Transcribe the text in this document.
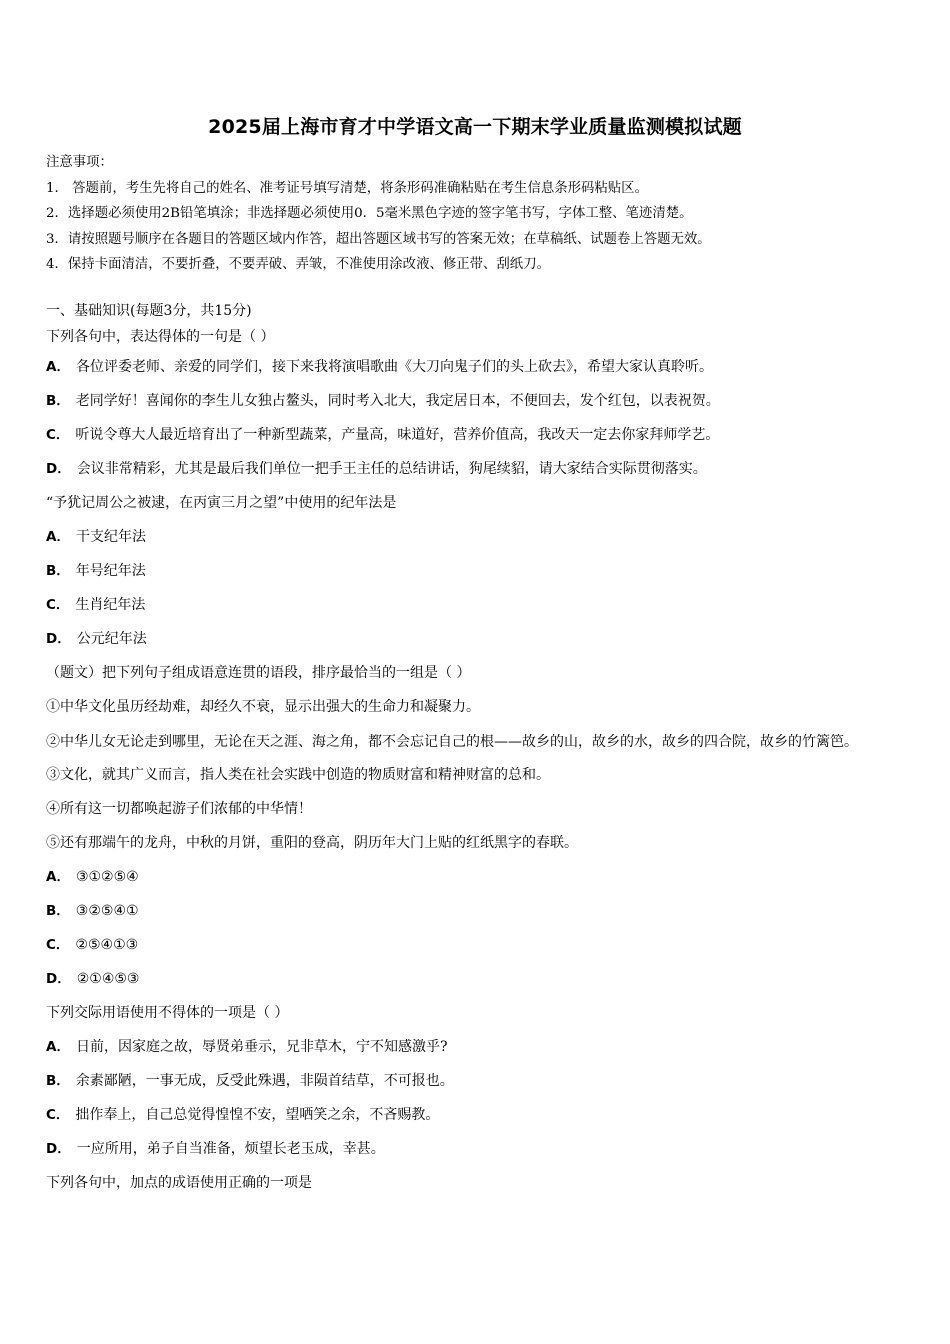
2025届上海市育才中学语文高一下期末学业质量监测模拟试题
注意事项：
1． 答题前，考生先将自己的姓名、准考证号填写清楚，将条形码准确粘贴在考生信息条形码粘贴区。
2．选择题必须使用2B铅笔填涂；非选择题必须使用0．5毫米黑色字迹的签字笔书写，字体工整、笔迹清楚。
3．请按照题号顺序在各题目的答题区域内作答，超出答题区域书写的答案无效；在草稿纸、试题卷上答题无效。
4．保持卡面清洁，不要折叠，不要弄破、弄皱，不准使用涂改液、修正带、刮纸刀。
一、基础知识(每题3分，共15分)
下列各句中，表达得体的一句是（ ）
A． 各位评委老师、亲爱的同学们，接下来我将演唱歌曲《大刀向鬼子们的头上砍去》，希望大家认真聆听。
B． 老同学好！喜闻你的李生儿女独占鳌头，同时考入北大，我定居日本，不便回去，发个红包，以表祝贺。
C． 听说令尊大人最近培育出了一种新型蔬菜，产量高，味道好，营养价值高，我改天一定去你家拜师学艺。
D． 会议非常精彩，尤其是最后我们单位一把手王主任的总结讲话，狗尾续貂，请大家结合实际贯彻落实。
“予犹记周公之被逮，在丙寅三月之望”中使用的纪年法是
A． 干支纪年法
B． 年号纪年法
C． 生肖纪年法
D． 公元纪年法
（题文）把下列句子组成语意连贯的语段，排序最恰当的一组是（ ）
①中华文化虽历经劫难，却经久不衰，显示出强大的生命力和凝聚力。
②中华儿女无论走到哪里，无论在天之涯、海之角，都不会忘记自己的根——故乡的山，故乡的水，故乡的四合院，故乡的竹篱笆。
③文化，就其广义而言，指人类在社会实践中创造的物质财富和精神财富的总和。
④所有这一切都唤起游子们浓郁的中华情！
⑤还有那端午的龙舟，中秋的月饼，重阳的登高，阴历年大门上贴的红纸黑字的春联。
A． ③①②⑤④
B． ③②⑤④①
C． ②⑤④①③
D． ②①④⑤③
下列交际用语使用不得体的一项是（ ）
A． 日前，因家庭之故，辱贤弟垂示，兄非草木，宁不知感激乎?
B． 余素鄙陋，一事无成，反受此殊遇，非陨首结草，不可报也。
C． 拙作奉上，自己总觉得惶惶不安，望哂笑之余，不吝赐教。
D． 一应所用，弟子自当准备，烦望长老玉成，幸甚。
下列各句中，加点的成语使用正确的一项是
